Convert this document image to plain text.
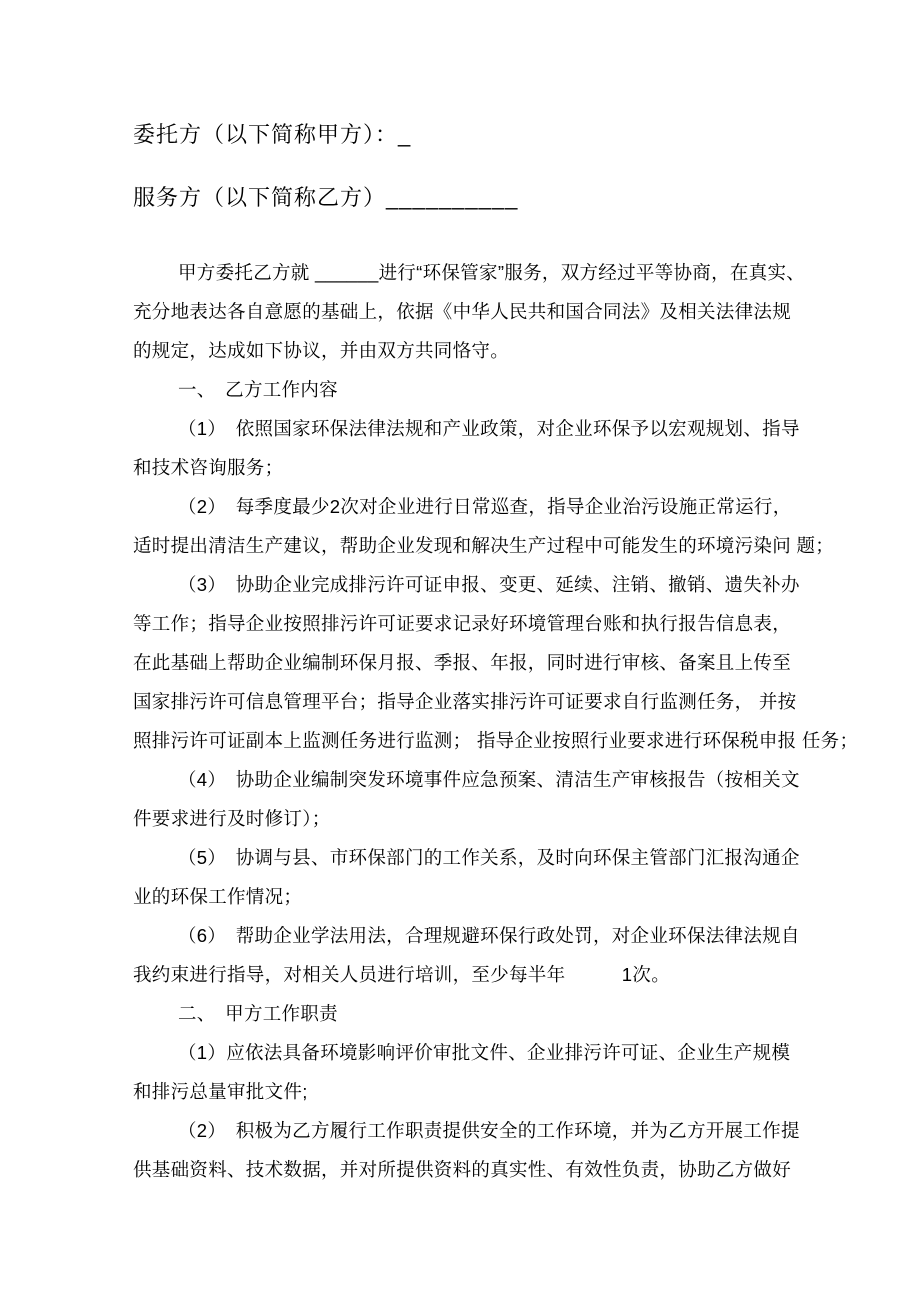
委托方（以下简称甲方）：_
服务方（以下简称乙方）__________
甲方委托乙方就 ______进行“环保管家”服务，双方经过平等协商，在真实、
充分地表达各自意愿的基础上，依据《中华人民共和国合同法》及相关法律法规
的规定，达成如下协议，并由双方共同恪守。
一、　乙方工作内容
（1）　依照国家环保法律法规和产业政策，对企业环保予以宏观规划、指导
和技术咨询服务；
（2）　每季度最少2次对企业进行日常巡查，指导企业治污设施正常运行，
适时提出清洁生产建议，帮助企业发现和解决生产过程中可能发生的环境污染问 题；
（3）　协助企业完成排污许可证申报、变更、延续、注销、撤销、遗失补办
等工作；指导企业按照排污许可证要求记录好环境管理台账和执行报告信息表，
在此基础上帮助企业编制环保月报、季报、年报，同时进行审核、备案且上传至
国家排污许可信息管理平台；指导企业落实排污许可证要求自行监测任务， 并按
照排污许可证副本上监测任务进行监测； 指导企业按照行业要求进行环保税申报 任务；
（4）　协助企业编制突发环境事件应急预案、清洁生产审核报告（按相关文
件要求进行及时修订）；
（5）　协调与县、市环保部门的工作关系，及时向环保主管部门汇报沟通企
业的环保工作情况；
（6）　帮助企业学法用法，合理规避环保行政处罚，对企业环保法律法规自
我约束进行指导，对相关人员进行培训，至少每半年　　　1次。
二、　甲方工作职责
（1）应依法具备环境影响评价审批文件、企业排污许可证、企业生产规模
和排污总量审批文件;
（2）　积极为乙方履行工作职责提供安全的工作环境，并为乙方开展工作提
供基础资料、技术数据，并对所提供资料的真实性、有效性负责，协助乙方做好
